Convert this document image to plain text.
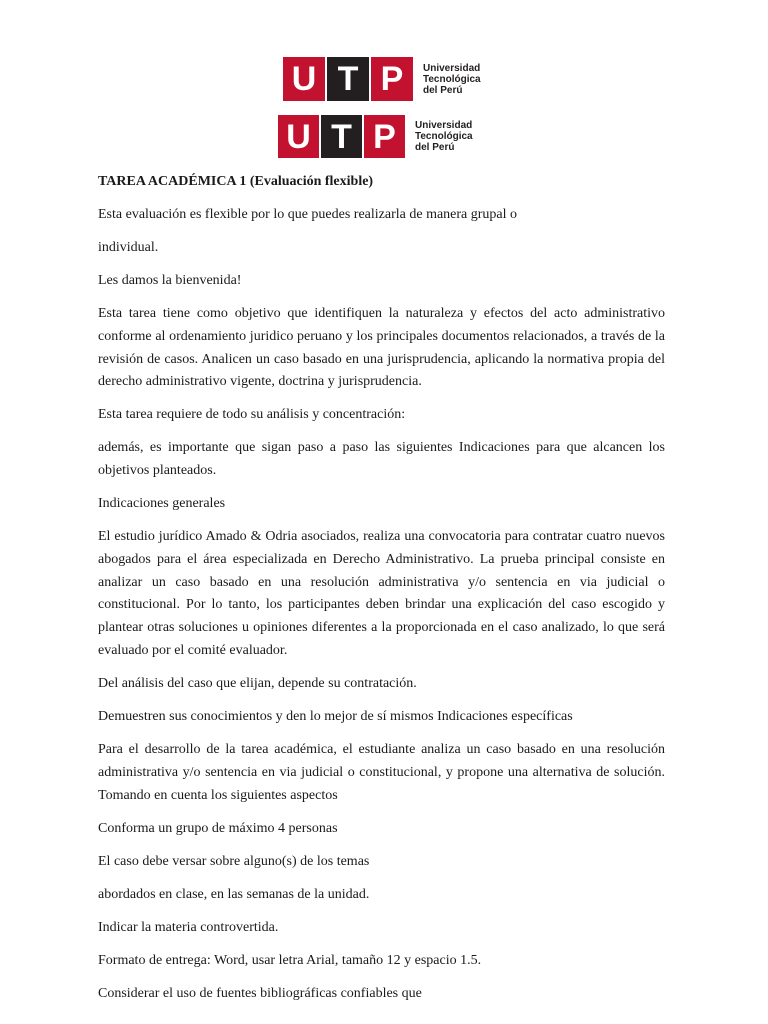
U T P	Universidad
Tecnológica
del Perú
U T P	Universidad
Tecnológica
del Perú

TAREA ACADÉMICA 1 (Evaluación flexible)

Esta evaluación es flexible por lo que puedes realizarla de manera grupal o

individual.

Les damos la bienvenida!

Esta tarea tiene como objetivo que identifiquen la naturaleza y efectos del acto administrativo conforme al ordenamiento juridico peruano y los principales documentos relacionados, a través de la revisión de casos. Analicen un caso basado en una jurisprudencia, aplicando la normativa propia del derecho administrativo vigente, doctrina y jurisprudencia.

Esta tarea requiere de todo su análisis y concentración:

además, es importante que sigan paso a paso las siguientes Indicaciones para que alcancen los objetivos planteados.

Indicaciones generales

El estudio jurídico Amado & Odria asociados, realiza una convocatoria para contratar cuatro nuevos abogados para el área especializada en Derecho Administrativo. La prueba principal consiste en analizar un caso basado en una resolución administrativa y/o sentencia en via judicial o constitucional. Por lo tanto, los participantes deben brindar una explicación del caso escogido y plantear otras soluciones u opiniones diferentes a la proporcionada en el caso analizado, lo que será evaluado por el comité evaluador.

Del análisis del caso que elijan, depende su contratación.

Demuestren sus conocimientos y den lo mejor de sí mismos Indicaciones específicas

Para el desarrollo de la tarea académica, el estudiante analiza un caso basado en una resolución administrativa y/o sentencia en via judicial o constitucional, y propone una alternativa de solución. Tomando en cuenta los siguientes aspectos

Conforma un grupo de máximo 4 personas

El caso debe versar sobre alguno(s) de los temas

abordados en clase, en las semanas de la unidad.

Indicar la materia controvertida.

Formato de entrega: Word, usar letra Arial, tamaño 12 y espacio 1.5.

Considerar el uso de fuentes bibliográficas confiables que
